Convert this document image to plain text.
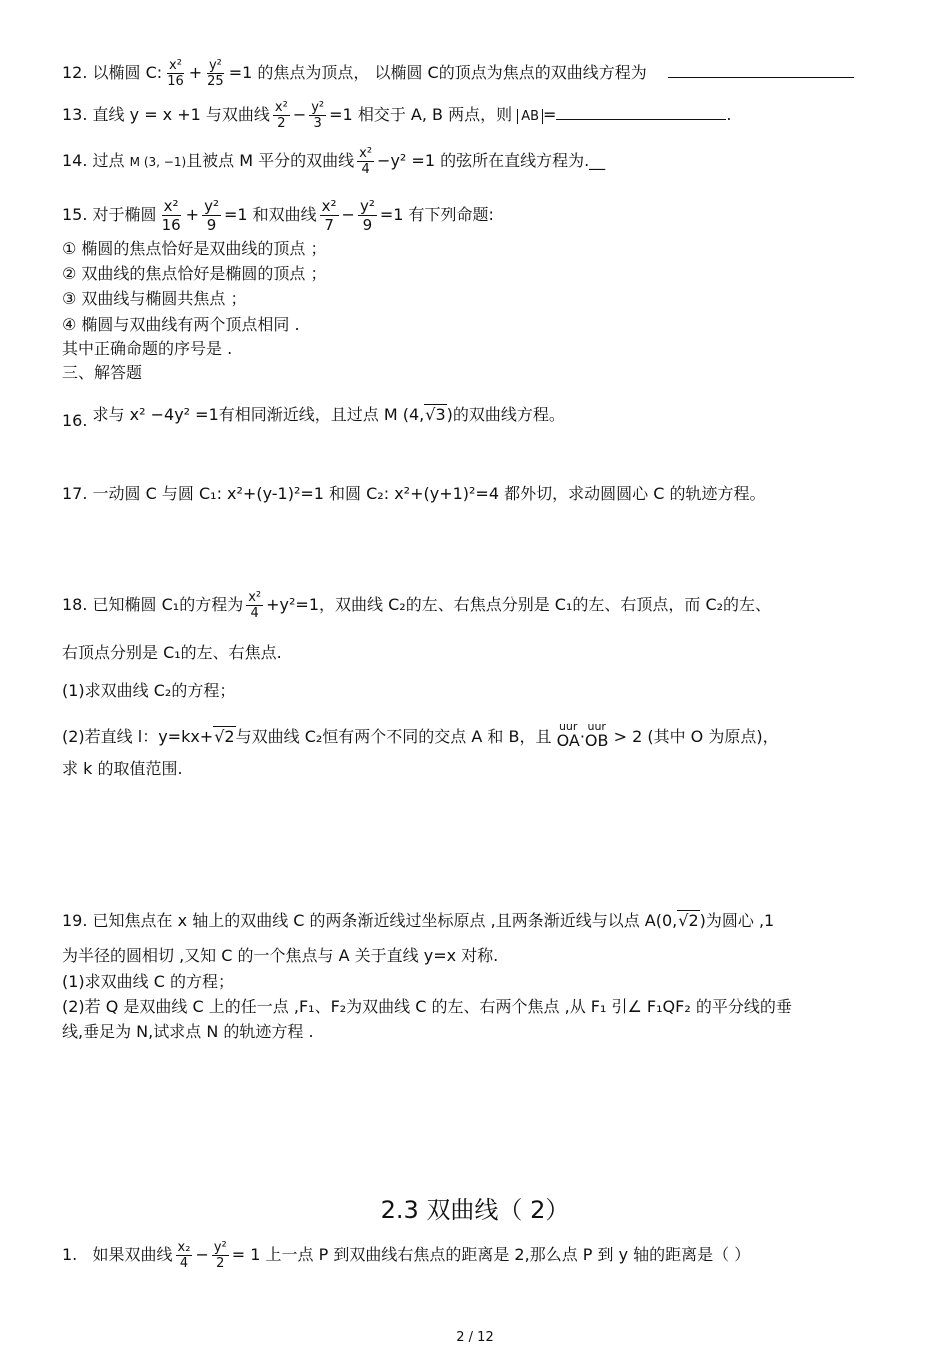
12. 以椭圆 C: $\frac{\text{x²}}{16} + \frac{\text{y²}}{25} =1$ 的焦点为顶点， 以椭圆 C的顶点为焦点的双曲线方程为
13. 直线 y = x +1 与双曲线 $\frac{\text{x²}}{2} - \frac{\text{y²}}{3} =1$ 相交于 A, B 两点，则 AB =	.
14. 过点 M (3, −1)且被点 M 平分的双曲线 $\frac{\text{x²}}{4} -y^2 =1$ 的弦所在直线方程为.__
15. 对于椭圆 $\frac{\text{x²}}{16} + \frac{\text{y²}}{9} =1$ 和双曲线 $\frac{\text{x²}}{7} - \frac{\text{y²}}{9} =1$ 有下列命题:
① 椭圆的焦点恰好是双曲线的顶点 ；
② 双曲线的焦点恰好是椭圆的顶点 ；
③ 双曲线与椭圆共焦点 ；
④ 椭圆与双曲线有两个顶点相同 .
其中正确命题的序号是 .
三、解答题
16. 求与 x² −4y² =1有相同渐近线，且过点 M (4,√3)的双曲线方程。
17. 一动圆 C 与圆 C₁: x²+(y-1)²=1 和圆 C₂: x²+(y+1)²=4 都外切，求动圆圆心 C 的轨迹方程。
18. 已知椭圆 C₁的方程为 $\frac{\text{x²}}{4} +y^2=1$，双曲线 C₂的左、右焦点分别是 C₁的左、右顶点，而 C₂的左、
右顶点分别是 C₁的左、右焦点.
(1)求双曲线 C₂的方程；
(2)若直线 l：y=kx+√2与双曲线 C₂恒有两个不同的交点 A 和 B，且
uur
OA ·
uur
OB > 2 (其中 O 为原点)，
求 k 的取值范围.
19. 已知焦点在 x 轴上的双曲线 C 的两条渐近线过坐标原点 ,且两条渐近线与以点 A(0,√2)为圆心 ,1
为半径的圆相切 ,又知 C 的一个焦点与 A 关于直线 y=x 对称.
(1)求双曲线 C 的方程；
(2)若 Q 是双曲线 C 上的任一点 ,F₁、F₂为双曲线 C 的左、右两个焦点 ,从 F₁ 引∠ F₁QF₂ 的平分线的垂
线,垂足为 N,试求点 N 的轨迹方程 .
2.3 双曲线（ 2）
1. 如果双曲线 $\frac{\text{x₂}}{4} - \frac{\text{y²}}{2} = 1$ 上一点 P 到双曲线右焦点的距离是 2,那么点 P 到 y 轴的距离是（ ）
2 / 12
